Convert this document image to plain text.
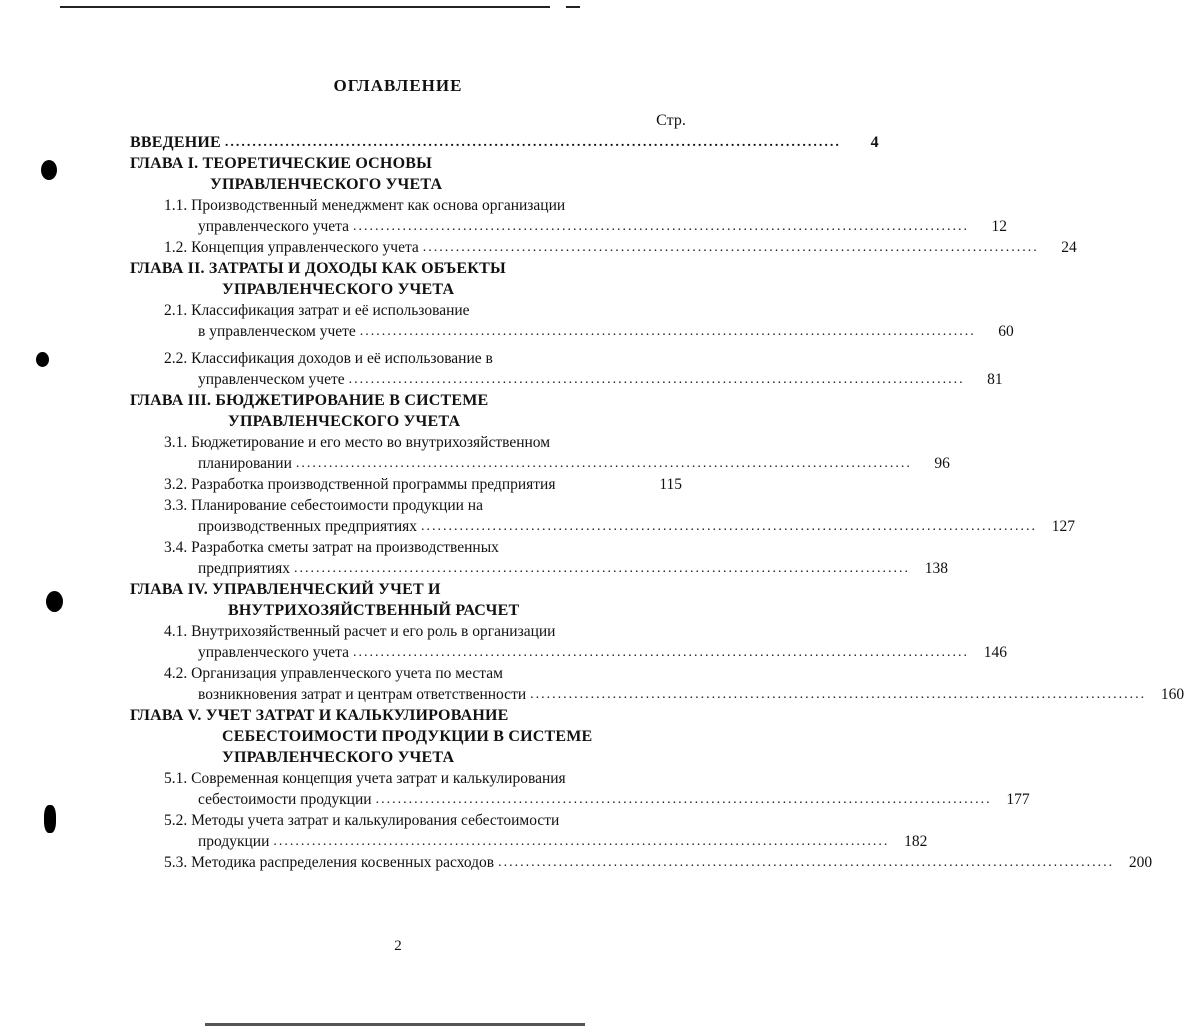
ОГЛАВЛЕНИЕ
Стр.
ВВЕДЕНИЕ ................................................................................................................	4
ГЛАВА I. ТЕОРЕТИЧЕСКИЕ ОСНОВЫ
УПРАВЛЕНЧЕСКОГО УЧЕТА
1.1. Производственный менеджмент как основа организации
управленческого учета ................................................................................................................	12
1.2. Концепция управленческого учета ................................................................................................................	24
ГЛАВА II. ЗАТРАТЫ И ДОХОДЫ КАК ОБЪЕКТЫ
УПРАВЛЕНЧЕСКОГО УЧЕТА
2.1. Классификация затрат и её использование
в управленческом учете ................................................................................................................	60
2.2. Классификация доходов и её использование в
управленческом учете ................................................................................................................	81
ГЛАВА III. БЮДЖЕТИРОВАНИЕ В СИСТЕМЕ
УПРАВЛЕНЧЕСКОГО УЧЕТА
3.1. Бюджетирование и его место во внутрихозяйственном
планировании ................................................................................................................	96
3.2. Разработка производственной программы предприятия	115
3.3. Планирование себестоимости продукции на
производственных предприятиях ................................................................................................................ 127
3.4. Разработка сметы затрат на производственных
предприятиях ................................................................................................................ 138
ГЛАВА IV. УПРАВЛЕНЧЕСКИЙ УЧЕТ И
ВНУТРИХОЗЯЙСТВЕННЫЙ РАСЧЕТ
4.1. Внутрихозяйственный расчет и его роль в организации
управленческого учета ................................................................................................................ 146
4.2. Организация управленческого учета по местам
возникновения затрат и центрам ответственности ................................................................................................................ 160
ГЛАВА V. УЧЕТ ЗАТРАТ И КАЛЬКУЛИРОВАНИЕ
СЕБЕСТОИМОСТИ ПРОДУКЦИИ В СИСТЕМЕ
УПРАВЛЕНЧЕСКОГО УЧЕТА
5.1. Современная концепция учета затрат и калькулирования
себестоимости продукции ................................................................................................................ 177
5.2. Методы учета затрат и калькулирования себестоимости
продукции ................................................................................................................ 182
5.3. Методика распределения косвенных расходов ................................................................................................................ 200
2
